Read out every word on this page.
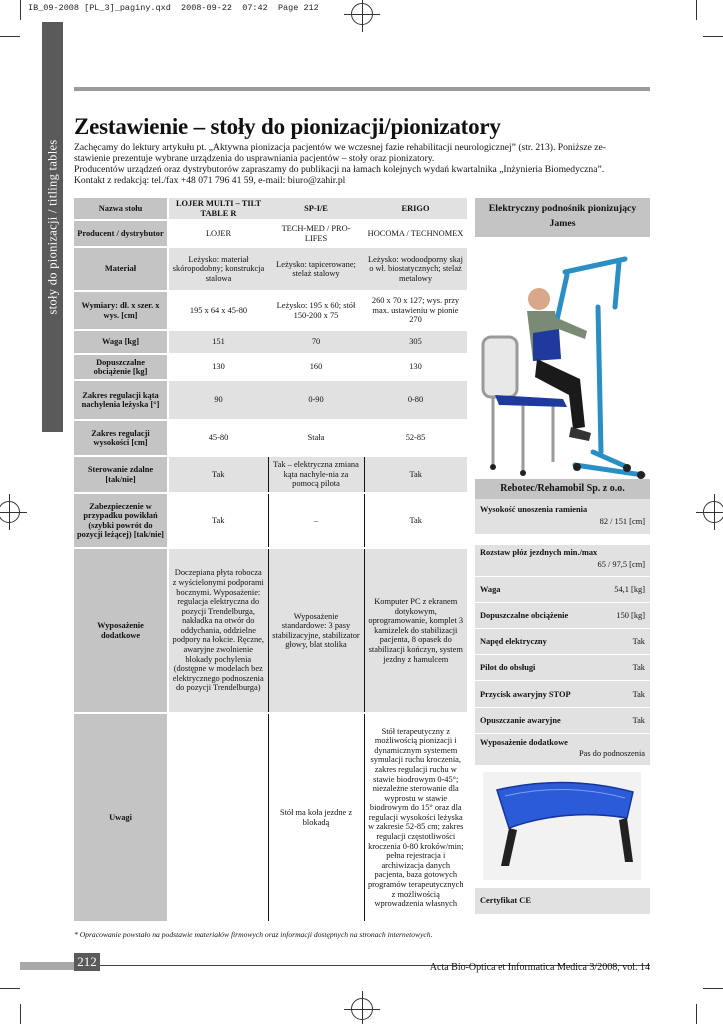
IB_09-2008 [PL_3]_paginy.qxd  2008-09-22  07:42  Page 212
stoły do pionizacji / titling tables
Zestawienie – stoły do pionizacji/pionizatory
Zachęcamy do lektury artykułu pt. „Aktywna pionizacja pacjentów we wczesnej fazie rehabilitacji neurologicznej” (str. 213). Poniższe ze-
stawienie prezentuje wybrane urządzenia do usprawniania pacjentów – stoły oraz pionizatory.
Producentów urządzeń oraz dystrybutorów zapraszamy do publikacji na łamach kolejnych wydań kwartalnika „Inżynieria Biomedyczna”.
Kontakt z redakcją: tel./fax +48 071 796 41 59, e-mail: biuro@zahir.pl
Nazwa stołu	LOJER MULTI – TILT TABLE R	SP-I/E	ERIGO
Producent / dystrybutor	LOJER	TECH-MED / PRO-LIFES	HOCOMA / TECHNOMEX
Materiał	Leżysko: materiał skóropodobny; konstrukcja stalowa	Leżysko: tapicerowane; stelaż stalowy	Leżysko: wodoodporny skaj o wł. biostatycznych; stelaż metalowy
Wymiary: dł. x szer. x wys. [cm]	195 x 64 x 45-80	Leżysko: 195 x 60; stół 150-200 x 75	260 x 70 x 127; wys. przy max. ustawieniu w pionie 270
Waga [kg]	151	70	305
Dopuszczalne obciążenie [kg]	130	160	130
Zakres regulacji kąta nachylenia leżyska [°]	90	0-90	0-80
Zakres regulacji wysokości [cm]	45-80	Stała	52-85
Sterowanie zdalne [tak/nie]	Tak	Tak – elektryczna zmiana kąta nachyle-nia za pomocą pilota	Tak
Zabezpieczenie w przypadku powikłań (szybki powrót do pozycji leżącej) [tak/nie]	Tak	–	Tak
Wyposażenie dodatkowe	Doczepiana płyta robocza z wyścielonymi podporami bocznymi. Wyposażenie: regulacja elektryczna do pozycji Trendelburga, nakładka na otwór do oddychania, oddzielne podpory na łokcie. Ręczne, awaryjne zwolnienie blokady pochylenia (dostępne w modelach bez elektrycznego podnoszenia do pozycji Trendelburga)	Wyposażenie standardowe: 3 pasy stabilizacyjne, stabilizator głowy, blat stolika	Komputer PC z ekranem dotykowym, oprogramowanie, komplet 3 kamizelek do stabilizacji pacjenta, 8 opasek do stabilizacji kończyn, system jezdny z hamulcem
Uwagi		Stół ma koła jezdne z blokadą	Stół terapeutyczny z możliwością pionizacji i dynamicznym systemem symulacji ruchu kroczenia, zakres regulacji ruchu w stawie biodrowym 0-45°; niezależne sterowanie dla wyprostu w stawie biodrowym do 15° oraz dla regulacji wysokości leżyska w zakresie 52-85 cm; zakres regulacji częstotliwości kroczenia 0-80 kroków/min; pełna rejestracja i archiwizacja danych pacjenta, baza gotowych programów terapeutycznych z możliwością wprowadzenia własnych
Elektryczny podnośnik pionizujący James
Rebotec/Rehamobil Sp. z o.o.
Wysokość unoszenia ramienia
82 / 151 [cm]
Rozstaw płóz jezdnych min./max
65 / 97,5 [cm]
Waga	54,1 [kg]
Dopuszczalne obciążenie	150 [kg]
Napęd elektryczny	Tak
Pilot do obsługi	Tak
Przycisk awaryjny STOP	Tak
Opuszczanie awaryjne	Tak
Wyposażenie dodatkowe
Pas do podnoszenia
Certyfikat CE
* Opracowanie powstało na podstawie materiałów firmowych oraz informacji dostępnych na stronach internetowych.
212	Acta Bio-Optica et Informatica Medica 3/2008, vol. 14
